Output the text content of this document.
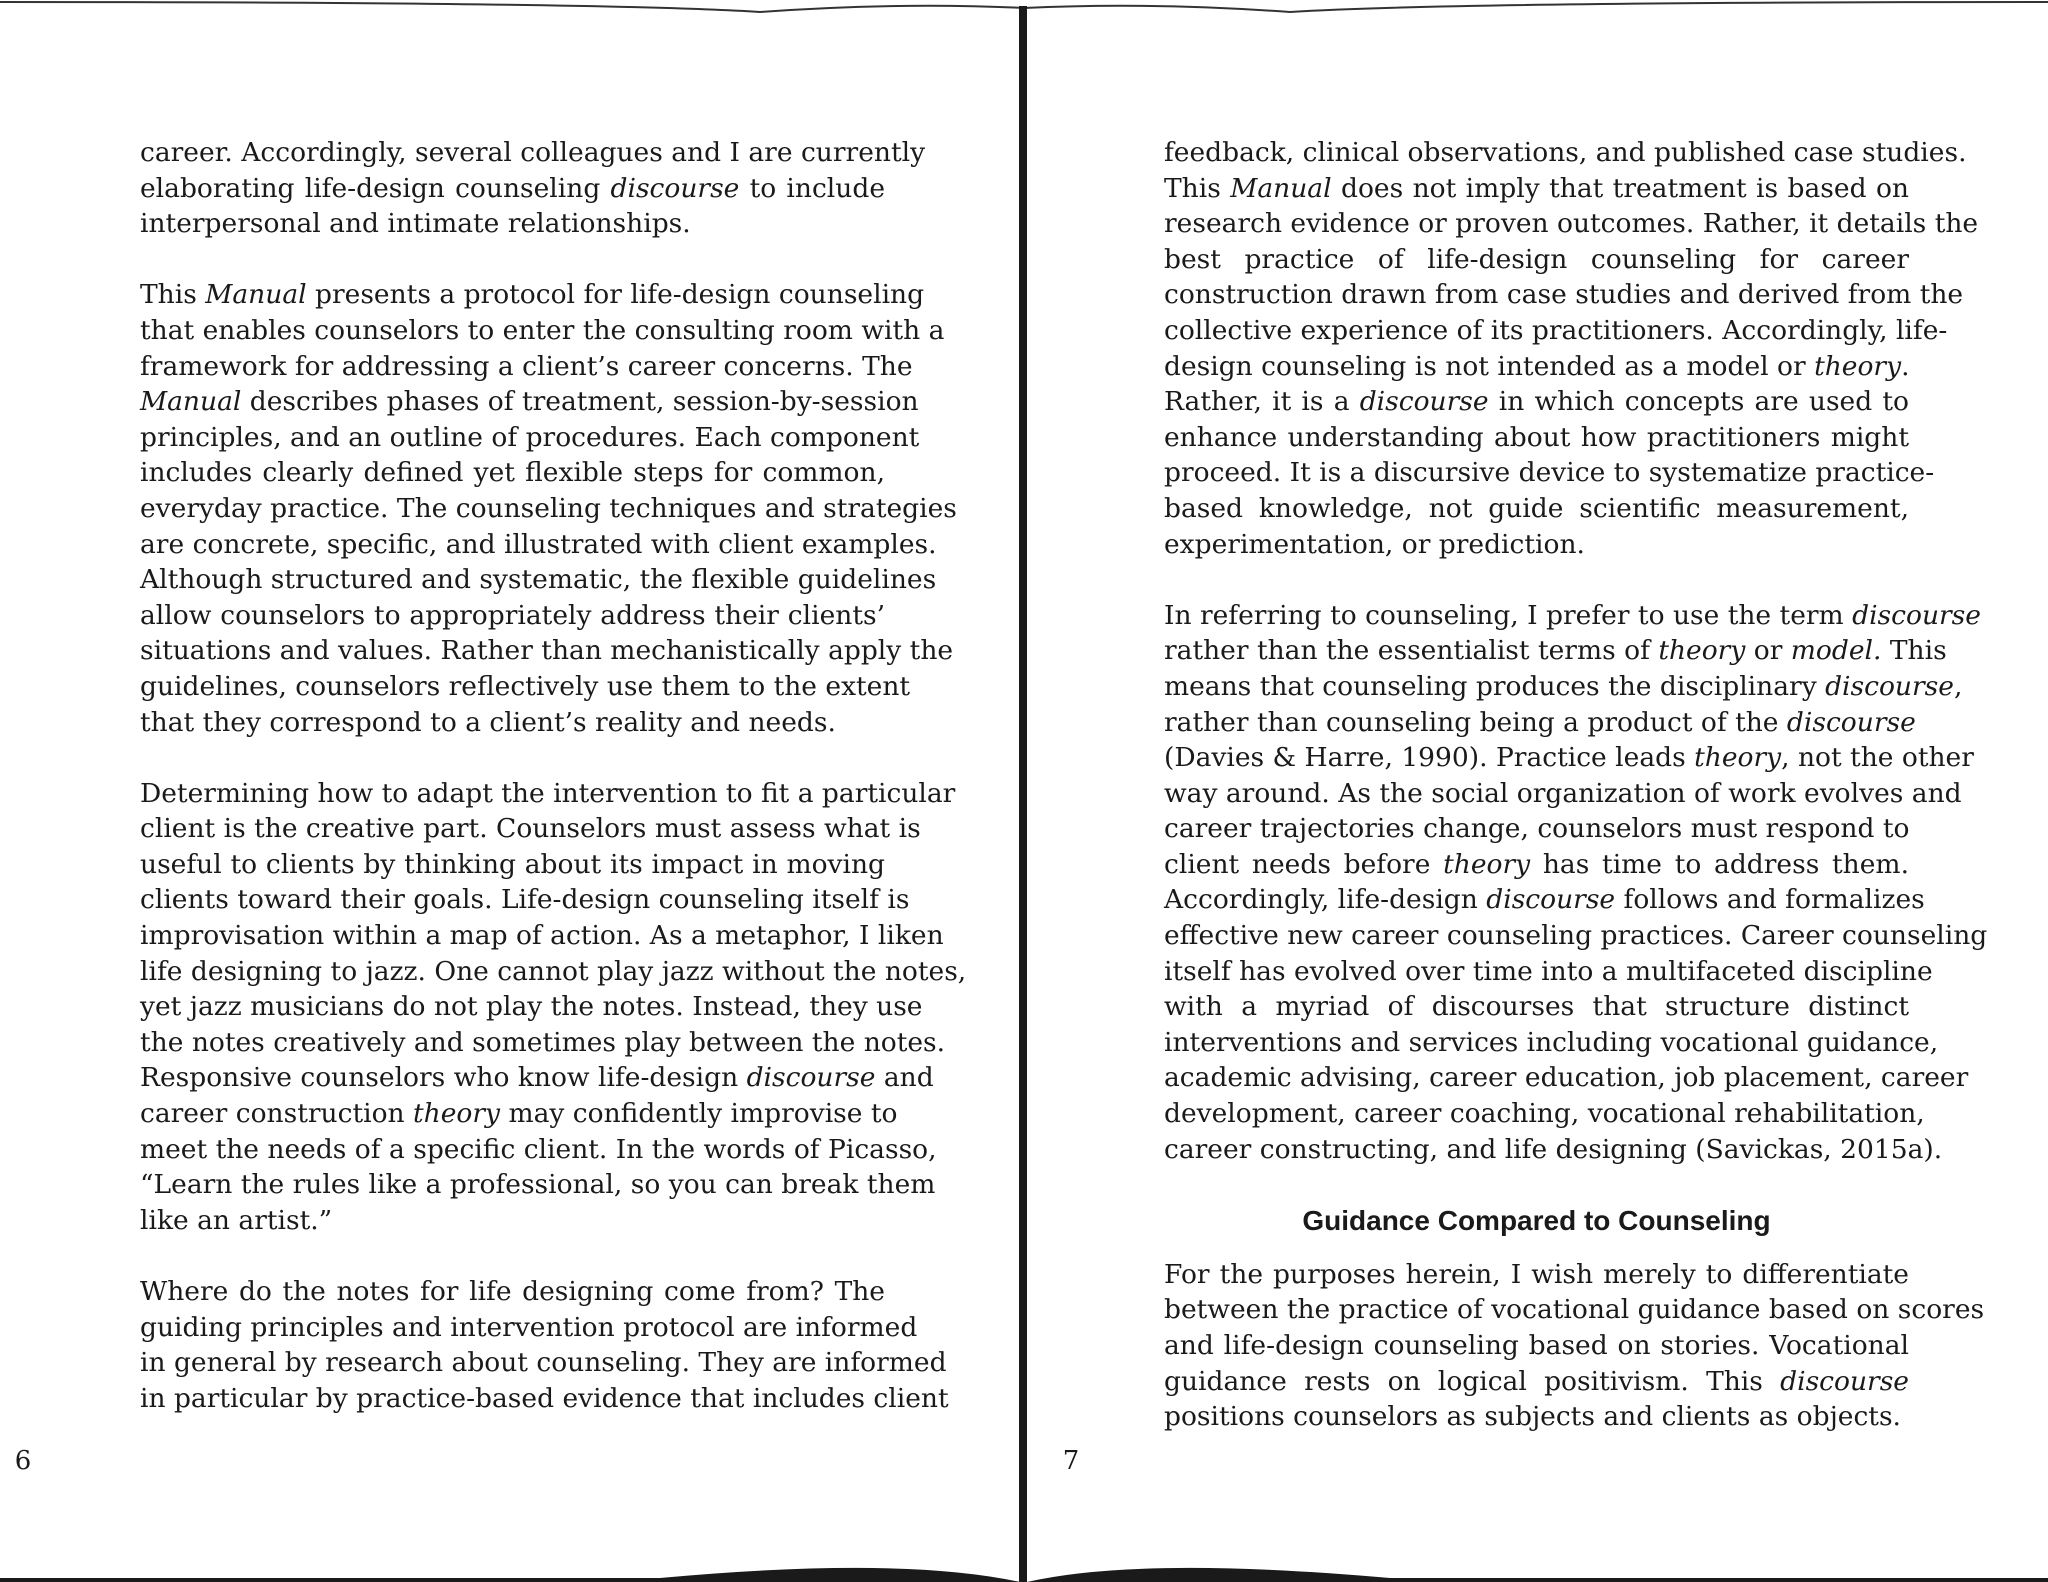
career. Accordingly, several colleagues and I are currently
elaborating life-design counseling discourse to include
interpersonal and intimate relationships.

This Manual presents a protocol for life-design counseling
that enables counselors to enter the consulting room with a
framework for addressing a client’s career concerns. The
Manual describes phases of treatment, session-by-session
principles, and an outline of procedures. Each component
includes clearly defined yet flexible steps for common,
everyday practice. The counseling techniques and strategies
are concrete, specific, and illustrated with client examples.
Although structured and systematic, the flexible guidelines
allow counselors to appropriately address their clients’
situations and values. Rather than mechanistically apply the
guidelines, counselors reflectively use them to the extent
that they correspond to a client’s reality and needs.

Determining how to adapt the intervention to fit a particular
client is the creative part. Counselors must assess what is
useful to clients by thinking about its impact in moving
clients toward their goals. Life-design counseling itself is
improvisation within a map of action. As a metaphor, I liken
life designing to jazz. One cannot play jazz without the notes,
yet jazz musicians do not play the notes. Instead, they use
the notes creatively and sometimes play between the notes.
Responsive counselors who know life-design discourse and
career construction theory may confidently improvise to
meet the needs of a specific client. In the words of Picasso,
“Learn the rules like a professional, so you can break them
like an artist.”

Where do the notes for life designing come from? The
guiding principles and intervention protocol are informed
in general by research about counseling. They are informed
in particular by practice-based evidence that includes client

6

feedback, clinical observations, and published case studies.
This Manual does not imply that treatment is based on
research evidence or proven outcomes. Rather, it details the
best practice of life-design counseling for career
construction drawn from case studies and derived from the
collective experience of its practitioners. Accordingly, life-
design counseling is not intended as a model or theory.
Rather, it is a discourse in which concepts are used to
enhance understanding about how practitioners might
proceed. It is a discursive device to systematize practice-
based knowledge, not guide scientific measurement,
experimentation, or prediction.

In referring to counseling, I prefer to use the term discourse
rather than the essentialist terms of theory or model. This
means that counseling produces the disciplinary discourse,
rather than counseling being a product of the discourse
(Davies & Harre, 1990). Practice leads theory, not the other
way around. As the social organization of work evolves and
career trajectories change, counselors must respond to
client needs before theory has time to address them.
Accordingly, life-design discourse follows and formalizes
effective new career counseling practices. Career counseling
itself has evolved over time into a multifaceted discipline
with a myriad of discourses that structure distinct
interventions and services including vocational guidance,
academic advising, career education, job placement, career
development, career coaching, vocational rehabilitation,
career constructing, and life designing (Savickas, 2015a).

Guidance Compared to Counseling

For the purposes herein, I wish merely to differentiate
between the practice of vocational guidance based on scores
and life-design counseling based on stories. Vocational
guidance rests on logical positivism. This discourse
positions counselors as subjects and clients as objects.

7
